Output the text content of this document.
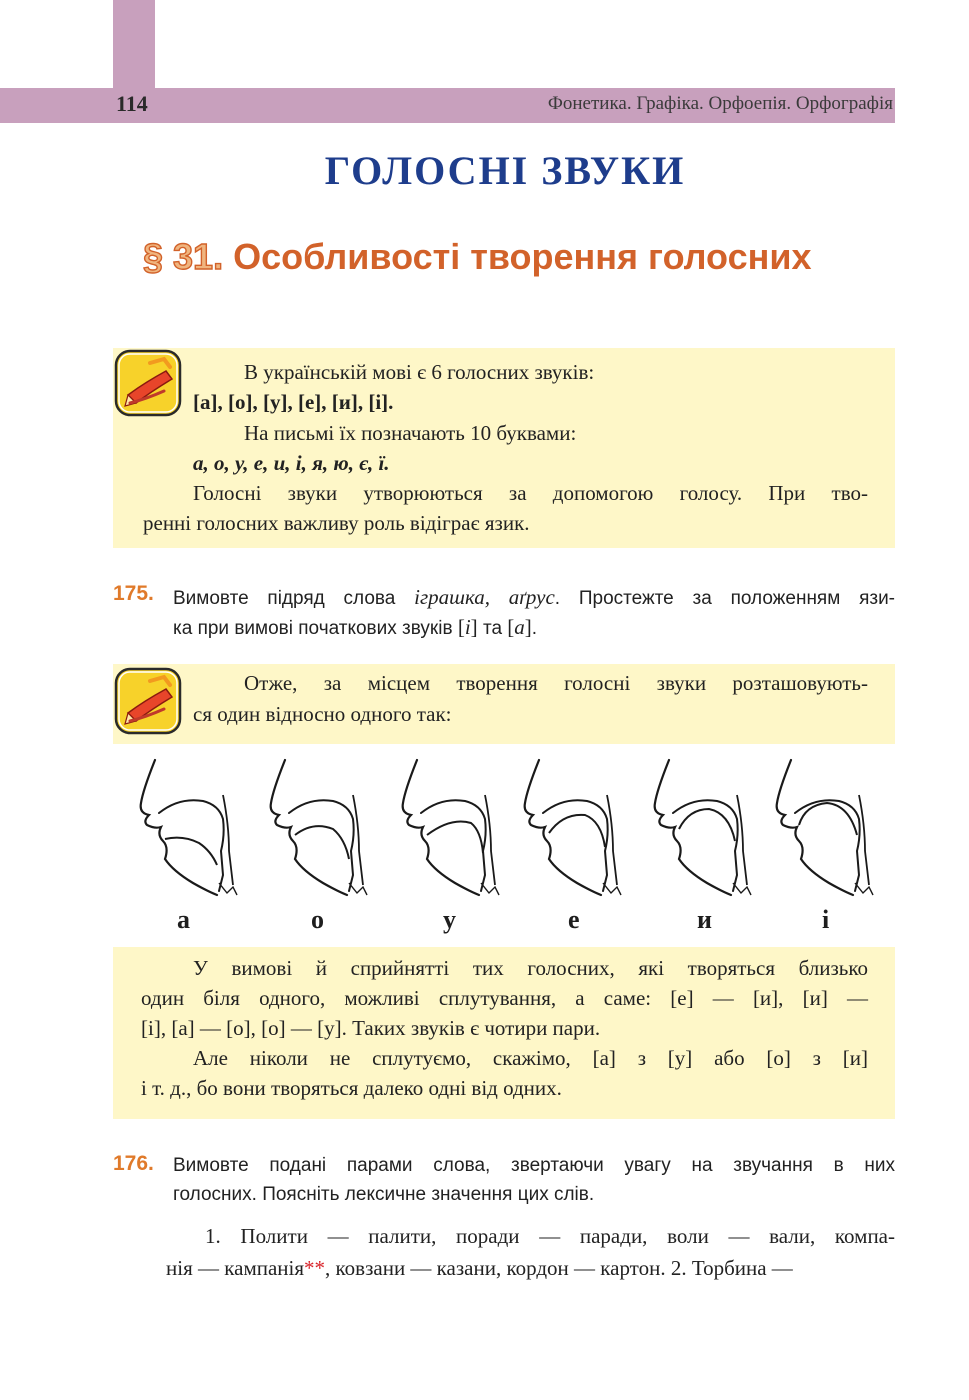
114	Фонетика. Графіка. Орфоепія. Орфографія
ГОЛОСНІ ЗВУКИ
§ 31. Особливості творення голосних
В українській мові є 6 голосних звуків:
[а], [о], [у], [е], [и], [і].
На письмі їх позначають 10 буквами:
а, о, у, е, и, і, я, ю, є, ї.
Голосні звуки утворюються за допомогою голосу. При тво-
ренні голосних важливу роль відіграє язик.
175. Вимовте підряд слова іграшка, аґрус. Простежте за положенням язи-
ка при вимові початкових звуків [і] та [а].
Отже, за місцем творення голосні звуки розташовують-
ся один відносно одного так:
а	о	у	е	и	і
У вимові й сприйнятті тих голосних, які творяться близько
один біля одного, можливі сплутування, а саме: [е] — [и], [и] —
[і], [а] — [о], [о] — [у]. Таких звуків є чотири пари.
Але ніколи не сплутуємо, скажімо, [а] з [у] або [о] з [и]
і т. д., бо вони творяться далеко одні від одних.
176. Вимовте подані парами слова, звертаючи увагу на звучання в них
голосних. Поясніть лексичне значення цих слів.
1. Полити — палити, поради — паради, воли — вали, компа-
нія — кампанія**, ковзани — казани, кордон — картон. 2. Торбина —
